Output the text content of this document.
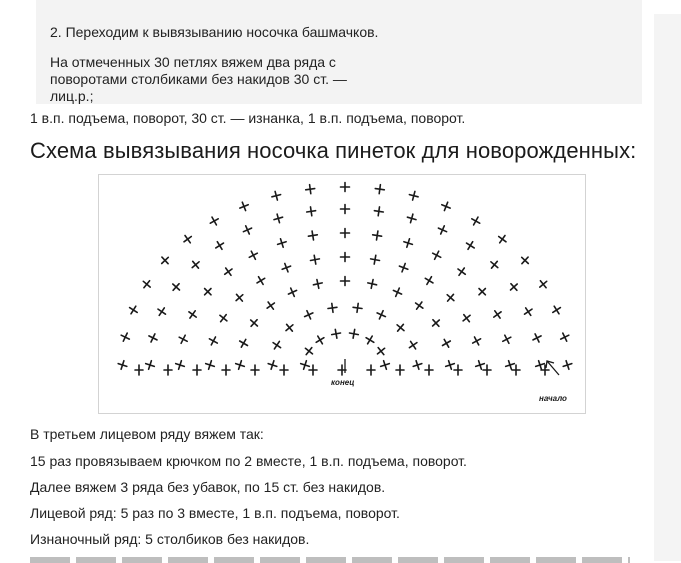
2. Переходим к вывязыванию носочка башмачков.
На отмеченных 30 петлях вяжем два ряда с
поворотами столбиками без накидов 30 ст. —
лиц.р.;
1 в.п. подъема, поворот, 30 ст. — изнанка, 1 в.п. подъема, поворот.
Схема вывязывания носочка пинеток для новорожденных:
конец
начало
В третьем лицевом ряду вяжем так:
15 раз провязываем крючком по 2 вместе, 1 в.п. подъема, поворот.
Далее вяжем 3 ряда без убавок, по 15 ст. без накидов.
Лицевой ряд: 5 раз по 3 вместе, 1 в.п. подъема, поворот.
Изнаночный ряд: 5 столбиков без накидов.
